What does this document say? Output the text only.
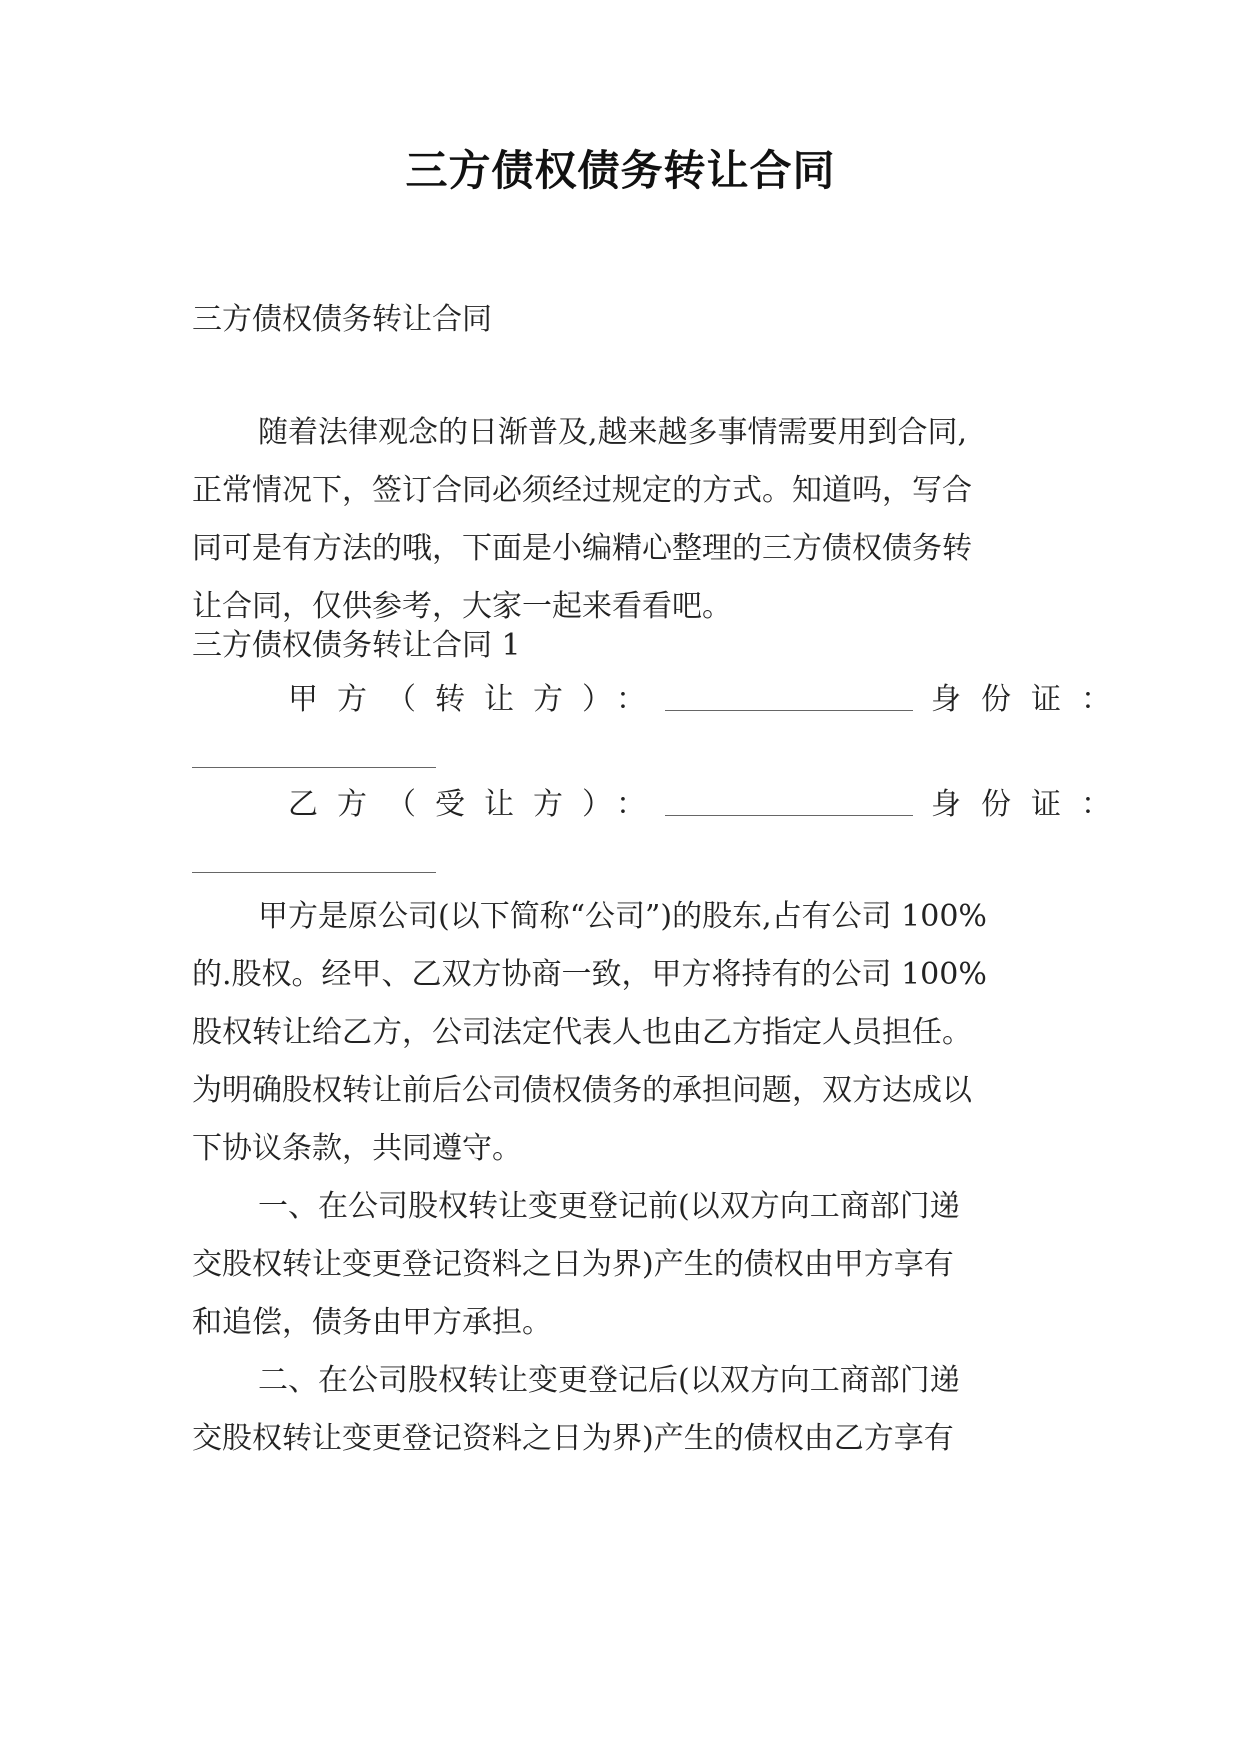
三方债权债务转让合同
三方债权债务转让合同
随着法律观念的日渐普及,越来越多事情需要用到合同,
正常情况下，签订合同必须经过规定的方式。知道吗，写合
同可是有方法的哦，下面是小编精心整理的三方债权债务转
让合同，仅供参考，大家一起来看看吧。
三方债权债务转让合同 1
甲方（转让方）：	身份证：
乙方（受让方）：	身份证：
甲方是原公司(以下简称“公司”)的股东,占有公司 100%
的.股权。经甲、乙双方协商一致，甲方将持有的公司 100%
股权转让给乙方，公司法定代表人也由乙方指定人员担任。
为明确股权转让前后公司债权债务的承担问题，双方达成以
下协议条款，共同遵守。
一、在公司股权转让变更登记前(以双方向工商部门递
交股权转让变更登记资料之日为界)产生的债权由甲方享有
和追偿，债务由甲方承担。
二、在公司股权转让变更登记后(以双方向工商部门递
交股权转让变更登记资料之日为界)产生的债权由乙方享有
